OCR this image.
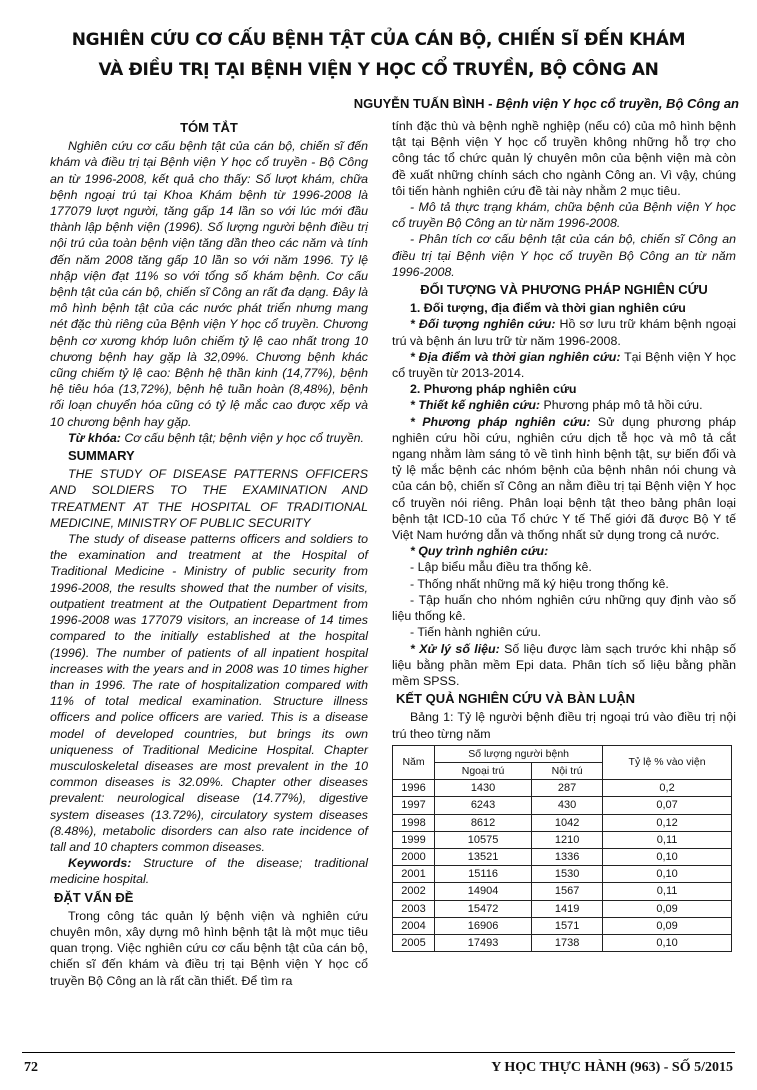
NGHIÊN CỨU CƠ CẤU BỆNH TẬT CỦA CÁN BỘ, CHIẾN SĨ ĐẾN KHÁM
VÀ ĐIỀU TRỊ TẠI BỆNH VIỆN Y HỌC CỔ TRUYỀN, BỘ CÔNG AN
NGUYỄN TUẤN BÌNH - Bệnh viện Y học cổ truyền, Bộ Công an

TÓM TẮT

Nghiên cứu cơ cấu bệnh tật của cán bộ, chiến sĩ đến khám và điều trị tại Bệnh viện Y học cổ truyền - Bộ Công an từ 1996-2008, kết quả cho thấy: Số lượt khám, chữa bệnh ngoại trú tại Khoa Khám bệnh từ 1996-2008 là 177079 lượt người, tăng gấp 14 lần so với lúc mới đầu thành lập bệnh viện (1996). Số lượng người bệnh điều trị nội trú của toàn bệnh viện tăng dần theo các năm và tính đến năm 2008 tăng gấp 10 lần so với năm 1996. Tỷ lệ nhập viện đạt 11% so với tổng số khám bệnh. Cơ cấu bệnh tật của cán bộ, chiến sĩ Công an rất đa dạng. Đây là mô hình bệnh tật của các nước phát triển nhưng mang nét đặc thù riêng của Bệnh viện Y học cổ truyền. Chương bệnh cơ xương khớp luôn chiếm tỷ lệ cao nhất trong 10 chương bệnh hay gặp là 32,09%. Chương bệnh khác cũng chiếm tỷ lệ cao: Bệnh hệ thần kinh (14,77%), bệnh hệ tiêu hóa (13,72%), bệnh hệ tuần hoàn (8,48%), bệnh rối loạn chuyển hóa cũng có tỷ lệ mắc cao được xếp và 10 chương bệnh hay gặp.

Từ khóa: Cơ cấu bệnh tật; bệnh viện y học cổ truyền.

SUMMARY

THE STUDY OF DISEASE PATTERNS OFFICERS AND SOLDIERS TO THE EXAMINATION AND TREATMENT AT THE HOSPITAL OF TRADITIONAL MEDICINE, MINISTRY OF PUBLIC SECURITY

The study of disease patterns officers and soldiers to the examination and treatment at the Hospital of Traditional Medicine - Ministry of public security from 1996-2008, the results showed that the number of visits, outpatient treatment at the Outpatient Department from 1996-2008 was 177079 visitors, an increase of 14 times compared to the initially established at the hospital (1996). The number of patients of all inpatient hospital increases with the years and in 2008 was 10 times higher than in 1996. The rate of hospitalization compared with 11% of total medical examination. Structure illness officers and police officers are varied. This is a disease model of developed countries, but brings its own uniqueness of Traditional Medicine Hospital. Chapter musculoskeletal diseases are most prevalent in the 10 common diseases is 32.09%. Chapter other diseases prevalent: neurological disease (14.77%), digestive system diseases (13.72%), circulatory system diseases (8.48%), metabolic disorders can also rate incidence of tall and 10 chapters common diseases.

Keywords: Structure of the disease; traditional medicine hospital.

ĐẶT VẤN ĐỀ

Trong công tác quản lý bệnh viện và nghiên cứu chuyên môn, xây dựng mô hình bệnh tật là một mục tiêu quan trọng. Việc nghiên cứu cơ cấu bệnh tật của cán bộ, chiến sĩ đến khám và điều trị tại Bệnh viện Y học cổ truyền Bộ Công an là rất cần thiết. Để tìm ra

tính đặc thù và bệnh nghề nghiệp (nếu có) của mô hình bệnh tật tại Bệnh viện Y học cổ truyền không những hỗ trợ cho công tác tổ chức quản lý chuyên môn của bệnh viện mà còn đề xuất những chính sách cho ngành Công an. Vì vậy, chúng tôi tiến hành nghiên cứu đề tài này nhằm 2 mục tiêu.

- Mô tả thực trạng khám, chữa bệnh của Bệnh viện Y học cổ truyền Bộ Công an từ năm 1996-2008.

- Phân tích cơ cấu bệnh tật của cán bộ, chiến sĩ Công an điều trị tại Bệnh viện Y học cổ truyền Bộ Công an từ năm 1996-2008.

ĐỐI TƯỢNG VÀ PHƯƠNG PHÁP NGHIÊN CỨU

1. Đối tượng, địa điểm và thời gian nghiên cứu

* Đối tượng nghiên cứu: Hồ sơ lưu trữ khám bệnh ngoại trú và bệnh án lưu trữ từ năm 1996-2008.

* Địa điểm và thời gian nghiên cứu: Tại Bệnh viện Y học cổ truyền từ 2013-2014.

2. Phương pháp nghiên cứu

* Thiết kế nghiên cứu: Phương pháp mô tả hồi cứu.

* Phương pháp nghiên cứu: Sử dụng phương pháp nghiên cứu hồi cứu, nghiên cứu dịch tễ học và mô tả cắt ngang nhằm làm sáng tỏ về tình hình bệnh tật, sự biến đổi và tỷ lệ mắc bệnh các nhóm bệnh của bệnh nhân nói chung và của cán bộ, chiến sĩ Công an nằm điều trị tại Bệnh viện Y học cổ truyền nói riêng. Phân loại bệnh tật theo bảng phân loại bệnh tật ICD-10 của Tổ chức Y tế Thế giới đã được Bộ Y tế Việt Nam hướng dẫn và thống nhất sử dụng trong cả nước.

* Quy trình nghiên cứu:

- Lập biểu mẫu điều tra thống kê.

- Thống nhất những mã ký hiệu trong thống kê.

- Tập huấn cho nhóm nghiên cứu những quy định vào số liệu thống kê.

- Tiến hành nghiên cứu.

* Xử lý số liệu: Số liệu được làm sạch trước khi nhập số liệu bằng phần mềm Epi data. Phân tích số liệu bằng phần mềm SPSS.

KẾT QUẢ NGHIÊN CỨU VÀ BÀN LUẬN

Bảng 1: Tỷ lệ người bệnh điều trị ngoại trú vào điều trị nội trú theo từng năm

Năm	Số lượng người bệnh		Tỷ lệ % vào viện
	Ngoại trú	Nội trú	
1996	1430	287	0,2
1997	6243	430	0,07
1998	8612	1042	0,12
1999	10575	1210	0,11
2000	13521	1336	0,10
2001	15116	1530	0,10
2002	14904	1567	0,11
2003	15472	1419	0,09
2004	16906	1571	0,09
2005	17493	1738	0,10
72	Y HỌC THỰC HÀNH (963) - SỐ 5/2015
